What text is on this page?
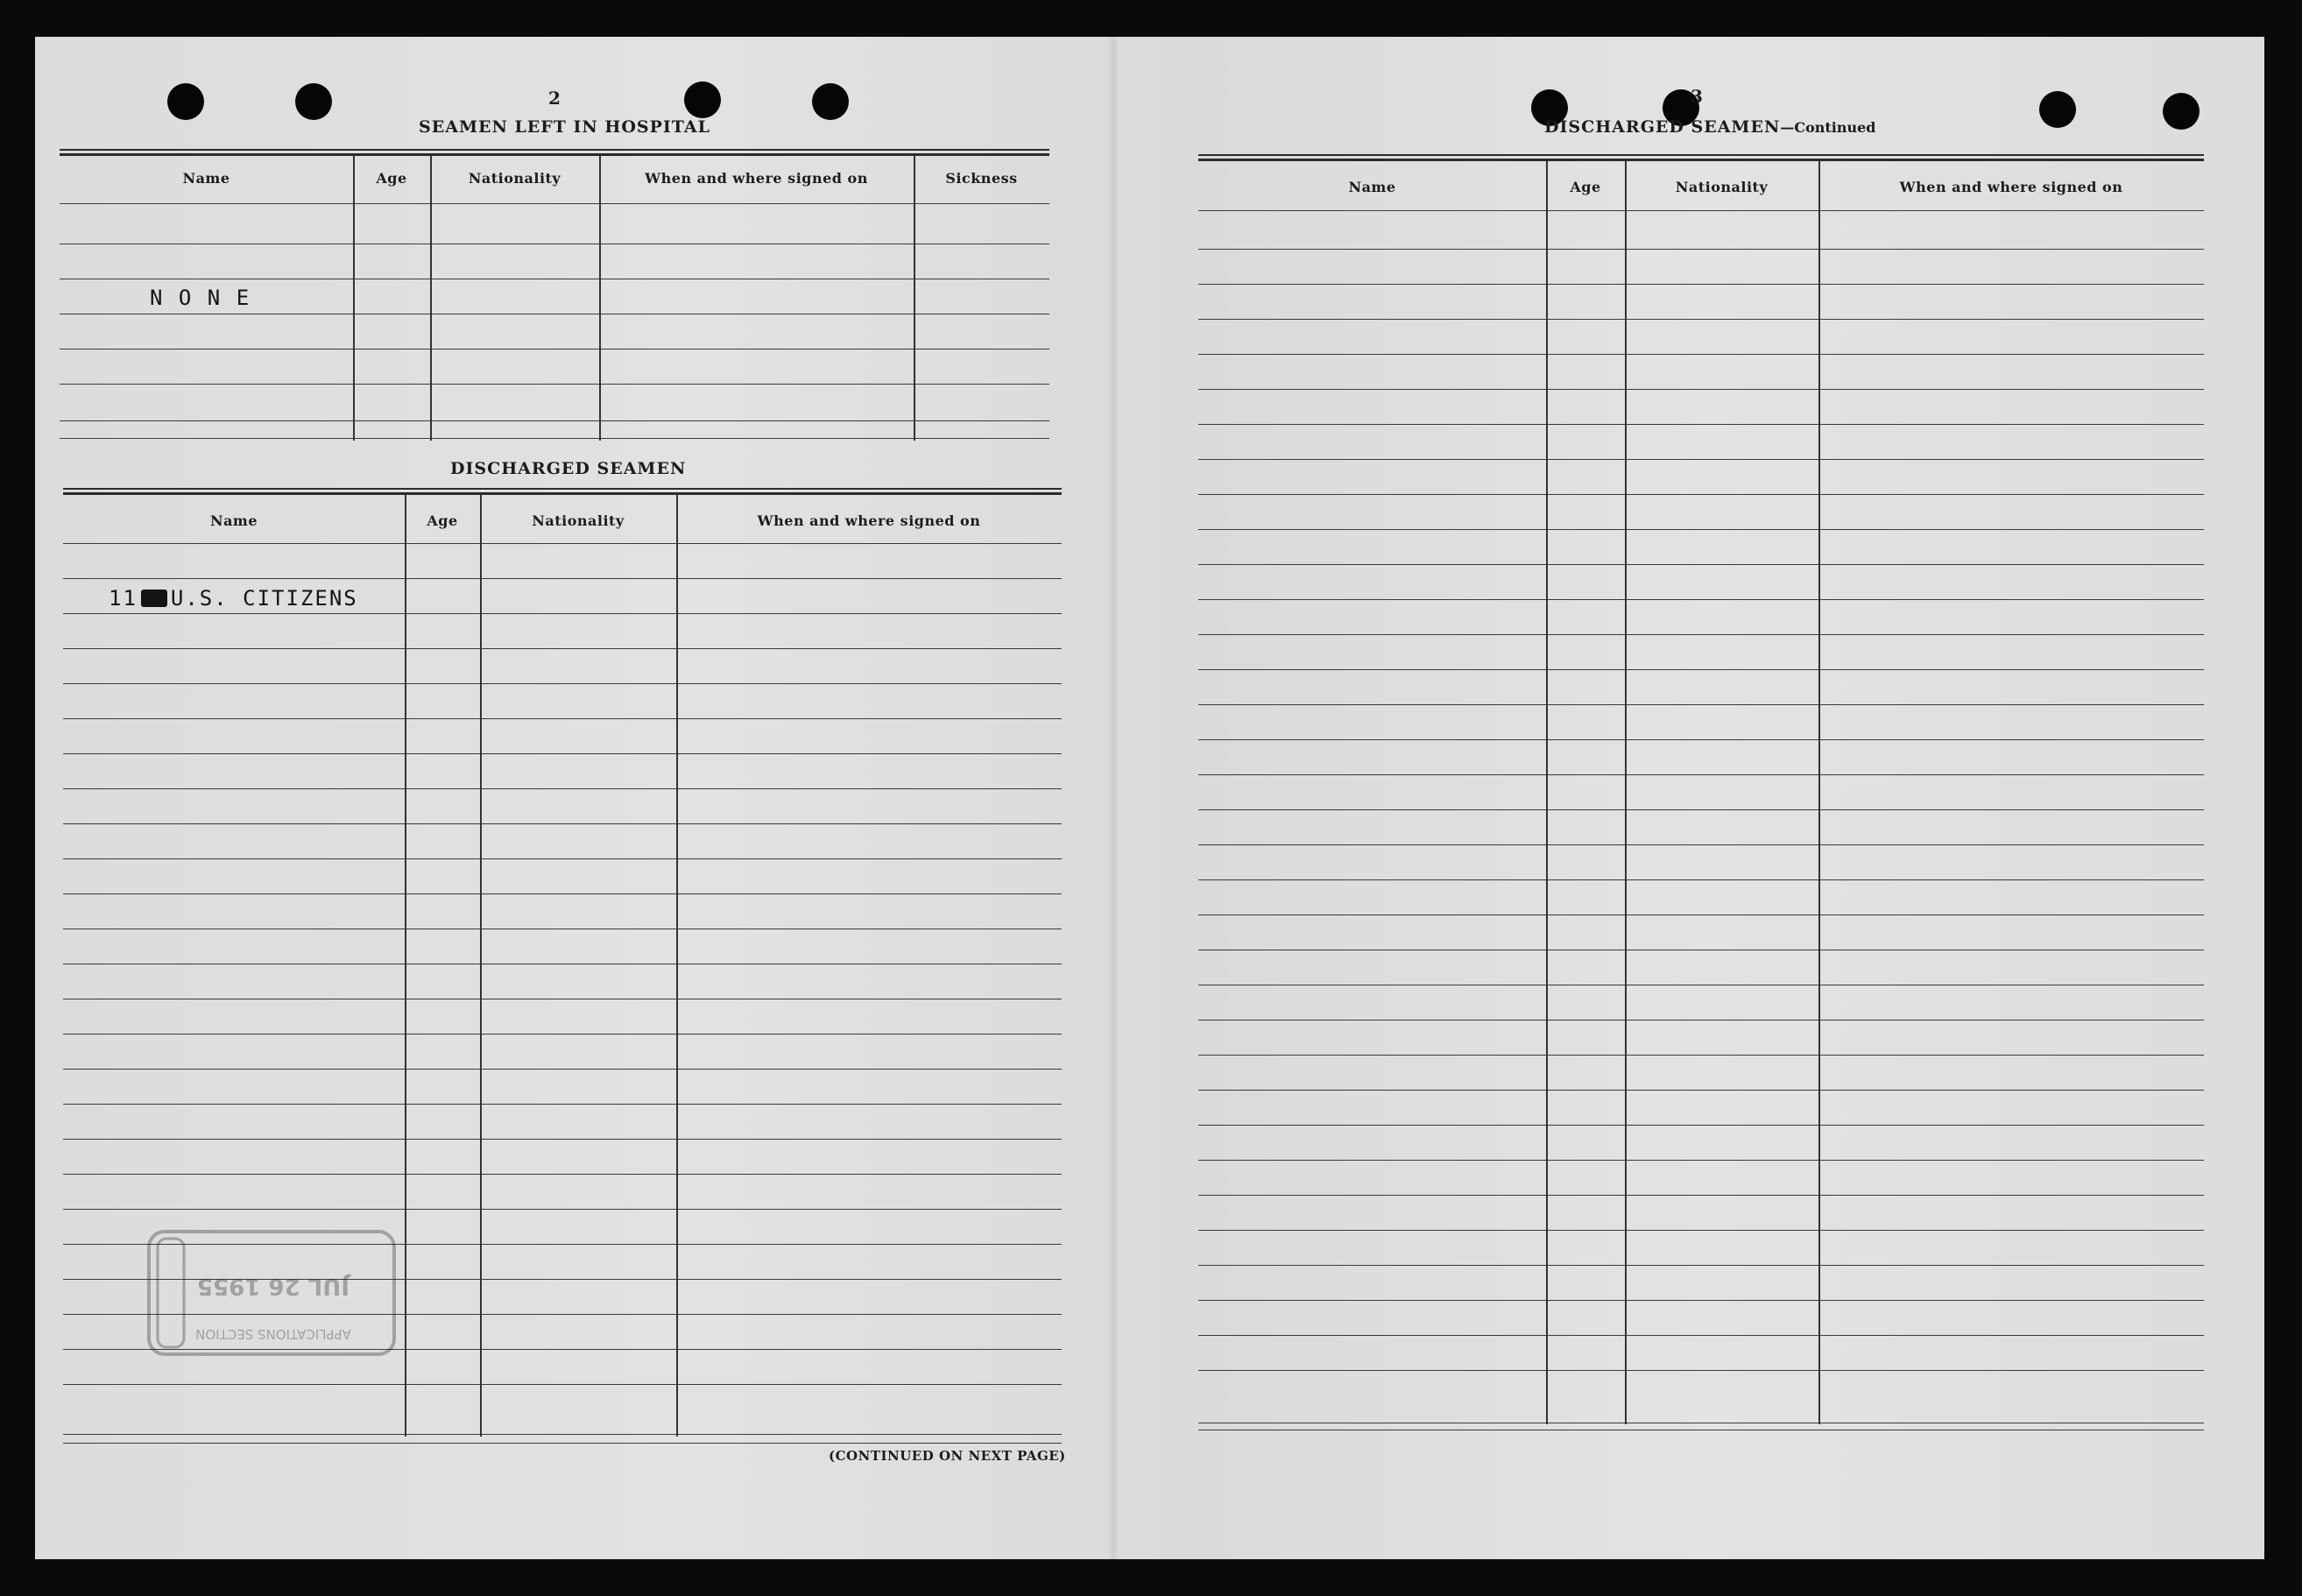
2
SEAMEN LEFT IN HOSPITAL
Name	Age	Nationality	When and where signed on	Sickness
N O N E
DISCHARGED SEAMEN
Name	Age	Nationality	When and where signed on
11 U.S. CITIZENS
(CONTINUED ON NEXT PAGE)
JUL 26 1955
APPLICATIONS SECTION
3
DISCHARGED SEAMEN—Continued
Name	Age	Nationality	When and where signed on
